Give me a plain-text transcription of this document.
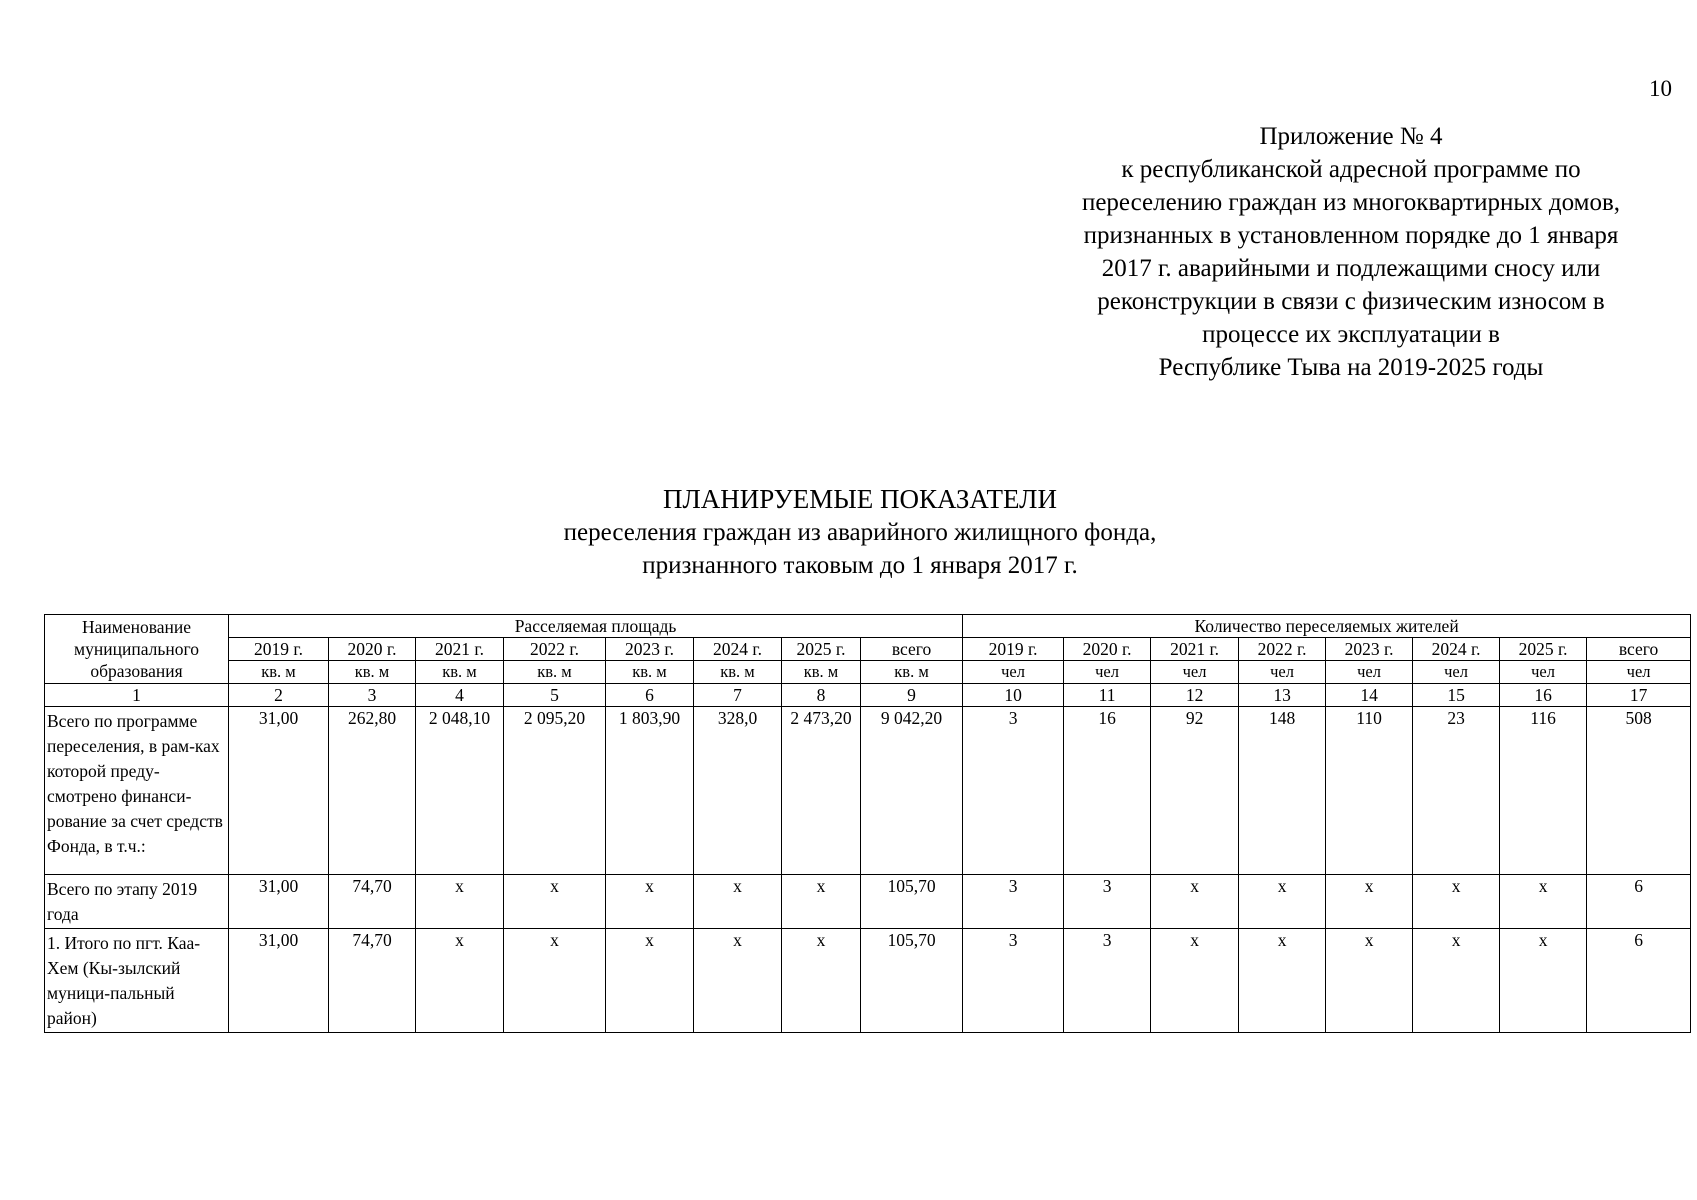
10
Приложение № 4
к республиканской адресной программе по
переселению граждан из многоквартирных домов,
признанных в установленном порядке до 1 января
2017 г. аварийными и подлежащими сносу или
реконструкции в связи с физическим износом в
процессе их эксплуатации в
Республике Тыва на 2019-2025 годы
ПЛАНИРУЕМЫЕ ПОКАЗАТЕЛИ
переселения граждан из аварийного жилищного фонда,
признанного таковым до 1 января 2017 г.
Наименование муниципального образования	Расселяемая площадь								Количество переселяемых жителей							
	2019 г.	2020 г.	2021 г.	2022 г.	2023 г.	2024 г.	2025 г.	всего	2019 г.	2020 г.	2021 г.	2022 г.	2023 г.	2024 г.	2025 г.	всего
	кв. м	кв. м	кв. м	кв. м	кв. м	кв. м	кв. м	кв. м	чел	чел	чел	чел	чел	чел	чел	чел
1	2	3	4	5	6	7	8	9	10	11	12	13	14	15	16	17
Всего по программе переселения, в рам-ках которой преду-смотрено финанси-рование за счет средств Фонда, в т.ч.:	31,00	262,80	2 048,10	2 095,20	1 803,90	328,0	2 473,20	9 042,20	3	16	92	148	110	23	116	508
Всего по этапу 2019 года	31,00	74,70	х	х	х	х	х	105,70	3	3	х	х	х	х	х	6
1. Итого по пгт. Каа-Хем (Кы-зылский муници-пальный район)	31,00	74,70	х	х	х	х	х	105,70	3	3	х	х	х	х	х	6
